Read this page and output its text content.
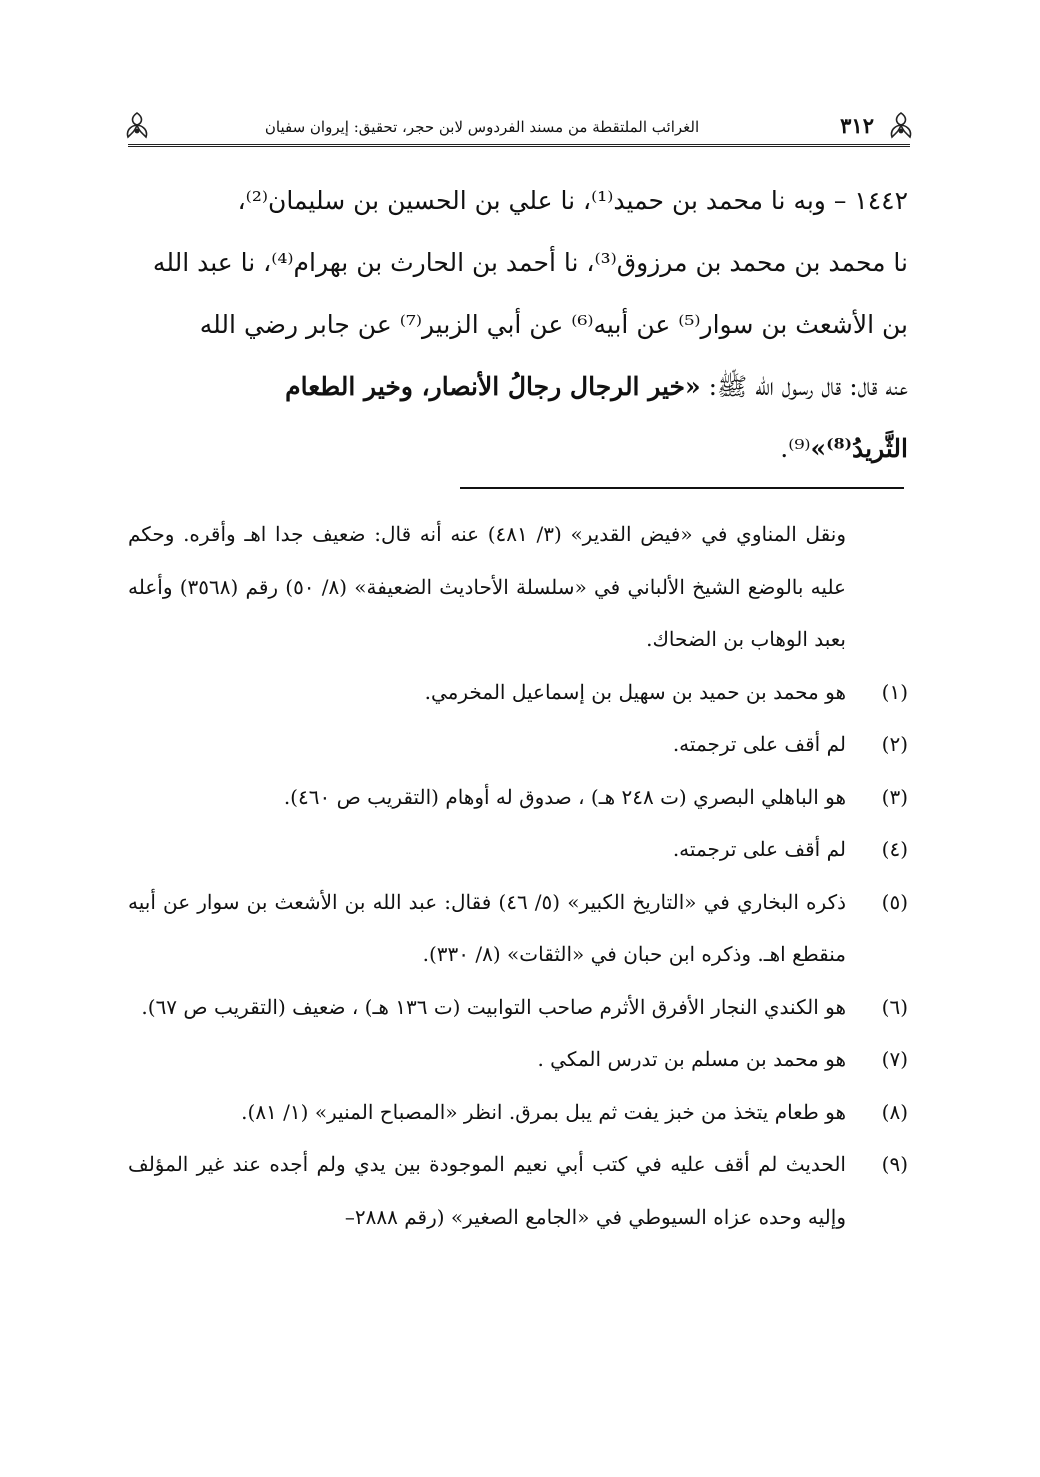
٣١٢
الغرائب الملتقطة من مسند الفردوس لابن حجر، تحقيق: إيروان سفيان

١٤٤٢ – وبه نا محمد بن حميد⁽¹⁾، نا علي بن الحسين بن سليمان⁽²⁾،

نا محمد بن محمد بن مرزوق⁽³⁾، نا أحمد بن الحارث بن بهرام⁽⁴⁾، نا عبد الله

بن الأشعث بن سوار⁽⁵⁾ عن أبيه⁽⁶⁾ عن أبي الزبير⁽⁷⁾ عن جابر رضي الله

عنه قال: قال رسول الله ﷺ: «خير الرجال رجالُ الأنصار، وخير الطعام

الثَّريدُ⁽⁸⁾»⁽⁹⁾.

ونقل المناوي في «فيض القدير» (٣/ ٤٨١) عنه أنه قال: ضعيف جدا اهـ وأقره. وحكم عليه بالوضع الشيخ الألباني في «سلسلة الأحاديث الضعيفة» (٨/ ٥٠) رقم (٣٥٦٨) وأعله بعبد الوهاب بن الضحاك.

(١)
هو محمد بن حميد بن سهيل بن إسماعيل المخرمي.
(٢)
لم أقف على ترجمته.
(٣)
هو الباهلي البصري (ت ٢٤٨ هـ) ، صدوق له أوهام (التقريب ص ٤٦٠).
(٤)
لم أقف على ترجمته.
(٥)
ذكره البخاري في «التاريخ الكبير» (٥/ ٤٦) فقال: عبد الله بن الأشعث بن سوار عن أبيه منقطع اهـ. وذكره ابن حبان في «الثقات» (٨/ ٣٣٠).
(٦)
هو الكندي النجار الأفرق الأثرم صاحب التوابيت (ت ١٣٦ هـ) ، ضعيف (التقريب ص ٦٧).
(٧)
هو محمد بن مسلم بن تدرس المكي .
(٨)
هو طعام يتخذ من خبز يفت ثم يبل بمرق. انظر «المصباح المنير» (١/ ٨١).
(٩)
الحديث لم أقف عليه في كتب أبي نعيم الموجودة بين يدي ولم أجده عند غير المؤلف وإليه وحده عزاه السيوطي في «الجامع الصغير» (رقم ٢٨٨٨–
